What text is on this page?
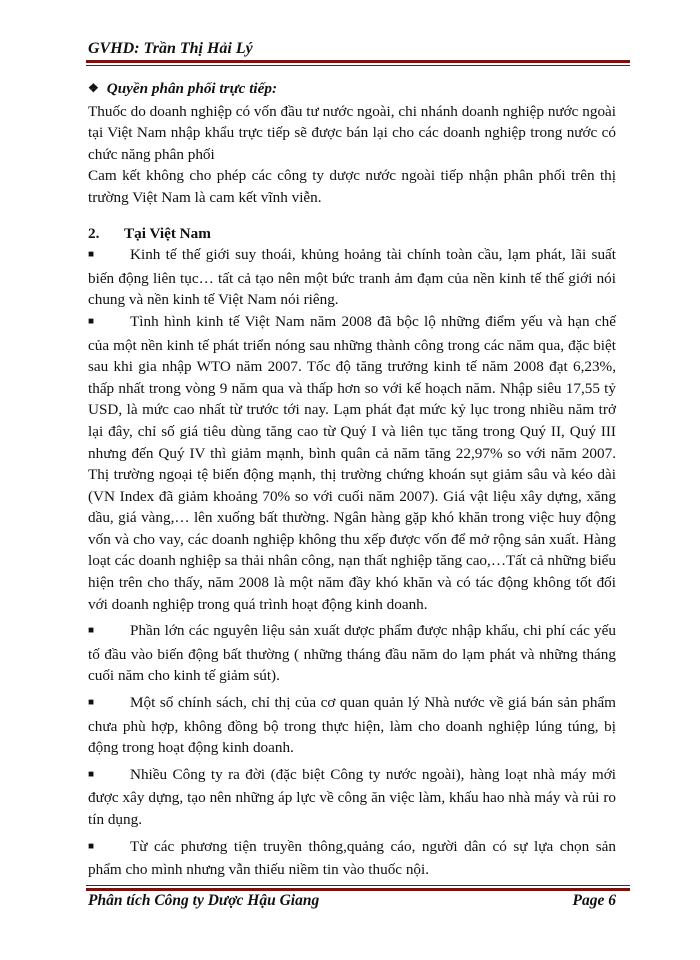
GVHD: Trần Thị Hải Lý

❖ Quyền phân phối trực tiếp:

Thuốc do doanh nghiệp có vốn đầu tư nước ngoài, chi nhánh doanh nghiệp nước ngoài tại Việt Nam nhập khẩu trực tiếp sẽ được bán lại cho các doanh nghiệp trong nước có chức năng phân phối

Cam kết không cho phép các công ty dược nước ngoài tiếp nhận phân phối trên thị trường Việt Nam là cam kết vĩnh viễn.

2. Tại Việt Nam

■ Kinh tế thế giới suy thoái, khủng hoảng tài chính toàn cầu, lạm phát, lãi suất biến động liên tục… tất cả tạo nên một bức tranh ảm đạm của nền kinh tế thế giới nói chung và nền kinh tế Việt Nam nói riêng.

■ Tình hình kinh tế Việt Nam năm 2008 đã bộc lộ những điểm yếu và hạn chế của một nền kinh tế phát triển nóng sau những thành công trong các năm qua, đặc biệt sau khi gia nhập WTO năm 2007. Tốc độ tăng trưởng kinh tế năm 2008 đạt 6,23%, thấp nhất trong vòng 9 năm qua và thấp hơn so với kế hoạch năm. Nhập siêu 17,55 tỷ USD, là mức cao nhất từ trước tới nay. Lạm phát đạt mức kỷ lục trong nhiều năm trở lại đây, chỉ số giá tiêu dùng tăng cao từ Quý I và liên tục tăng trong Quý II, Quý III nhưng đến Quý IV thì giảm mạnh, bình quân cả năm tăng 22,97% so với năm 2007. Thị trường ngoại tệ biến động mạnh, thị trường chứng khoán sụt giảm sâu và kéo dài (VN Index đã giảm khoảng 70% so với cuối năm 2007). Giá vật liệu xây dựng, xăng dầu, giá vàng,… lên xuống bất thường. Ngân hàng gặp khó khăn trong việc huy động vốn và cho vay, các doanh nghiệp không thu xếp được vốn để mở rộng sản xuất. Hàng loạt các doanh nghiệp sa thải nhân công, nạn thất nghiệp tăng cao,…Tất cả những biểu hiện trên cho thấy, năm 2008 là một năm đầy khó khăn và có tác động không tốt đối với doanh nghiệp trong quá trình hoạt động kinh doanh.

■ Phần lớn các nguyên liệu sản xuất dược phẩm được nhập khẩu, chi phí các yếu tố đầu vào biến động bất thường ( những tháng đầu năm do lạm phát và những tháng cuối năm cho kinh tế giảm sút).

■ Một số chính sách, chỉ thị của cơ quan quản lý Nhà nước về giá bán sản phẩm chưa phù hợp, không đồng bộ trong thực hiện, làm cho doanh nghiệp lúng túng, bị động trong hoạt động kinh doanh.

■ Nhiều Công ty ra đời (đặc biệt Công ty nước ngoài), hàng loạt nhà máy mới được xây dựng, tạo nên những áp lực về công ăn việc làm, khấu hao nhà máy và rủi ro tín dụng.

■ Từ các phương tiện truyền thông,quảng cáo, người dân có sự lựa chọn sản phẩm cho mình nhưng vẫn thiếu niềm tin vào thuốc nội.

Phân tích Công ty Dược Hậu Giang	Page 6
